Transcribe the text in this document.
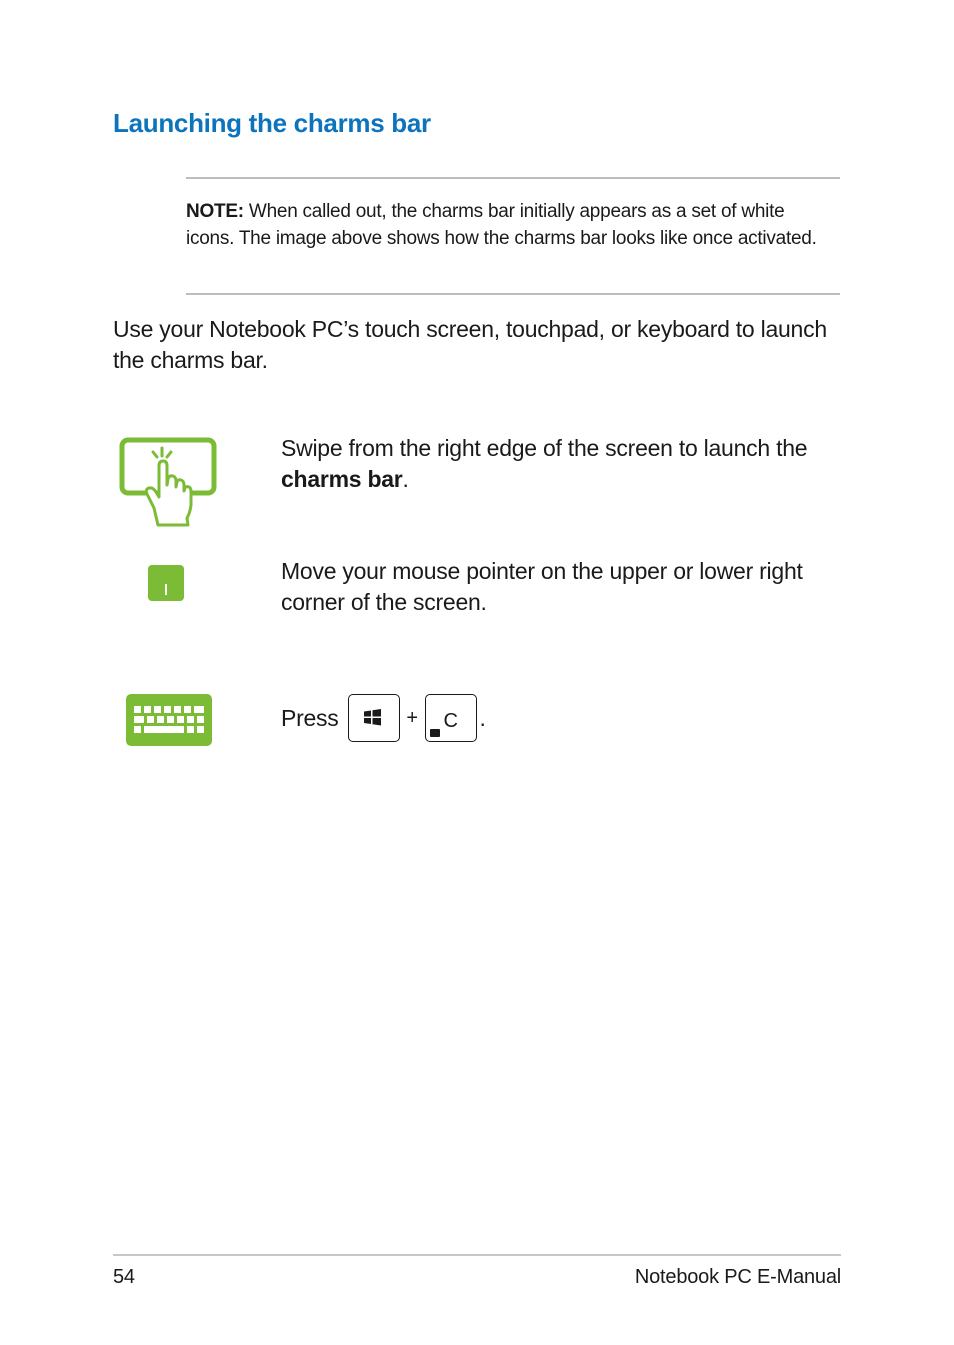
Launching the charms bar
NOTE: When called out, the charms bar initially appears as a set of white icons. The image above shows how the charms bar looks like once activated.
Use your Notebook PC’s touch screen, touchpad, or keyboard to launch the charms bar.
Swipe from the right edge of the screen to launch the charms bar.
Move your mouse pointer on the upper or lower right corner of the screen.
Press	+	C .
54	Notebook PC E-Manual
